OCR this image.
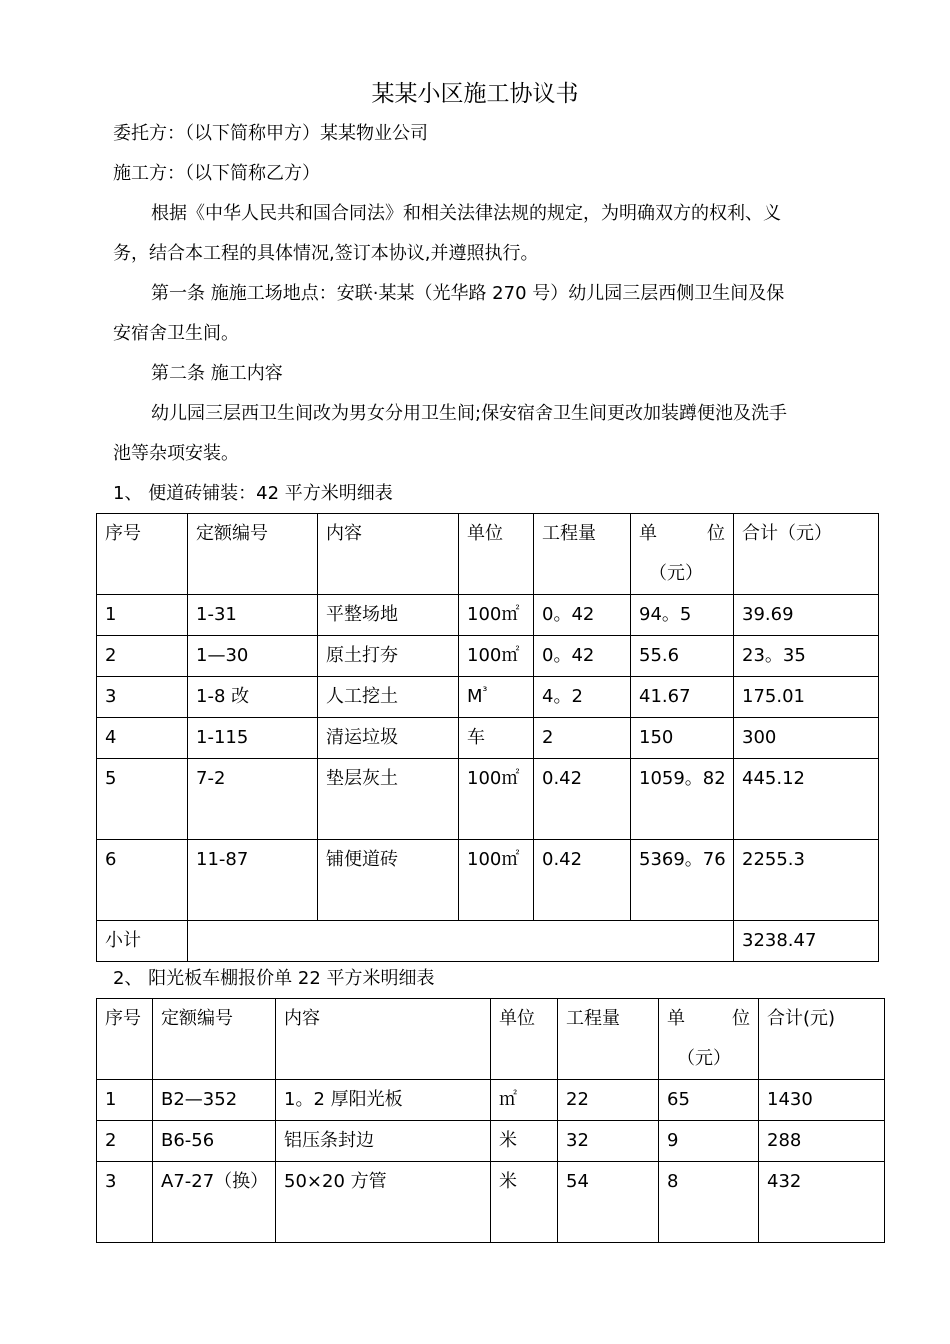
某某小区施工协议书
委托方：（以下简称甲方）某某物业公司
施工方：（以下简称乙方）
根据《中华人民共和国合同法》和相关法律法规的规定，为明确双方的权利、义
务，结合本工程的具体情况,签订本协议,并遵照执行。
第一条 施施工场地点：安联·某某（光华路 270 号）幼儿园三层西侧卫生间及保
安宿舍卫生间。
第二条 施工内容
幼儿园三层西卫生间改为男女分用卫生间;保安宿舍卫生间更改加装蹲便池及洗手
池等杂项安装。
1、 便道砖铺装：42 平方米明细表
序号	定额编号	内容	单位	工程量	单 位
（元）	合计（元）
1	1-31	平整场地	100㎡	0。42	94。5	39.69
2	1—30	原土打夯	100㎡	0。42	55.6	23。35
3	1-8 改	人工挖土	$M^{^3}$	4。2	41.67	175.01
4	1-115	清运垃圾	车	2	150	300
5	7-2	垫层灰土	100㎡	0.42	1059。82	445.12
6	11-87	铺便道砖	100㎡	0.42	5369。76	2255.3
小计						3238.47
2、 阳光板车棚报价单 22 平方米明细表
序号	定额编号	内容	单位	工程量	单 位
（元）	合计(元)
1	B2—352	1。2 厚阳光板	㎡	22	65	1430
2	B6-56	铝压条封边	米	32	9	288
3	A7-27（换）	50×20 方管	米	54	8	432
